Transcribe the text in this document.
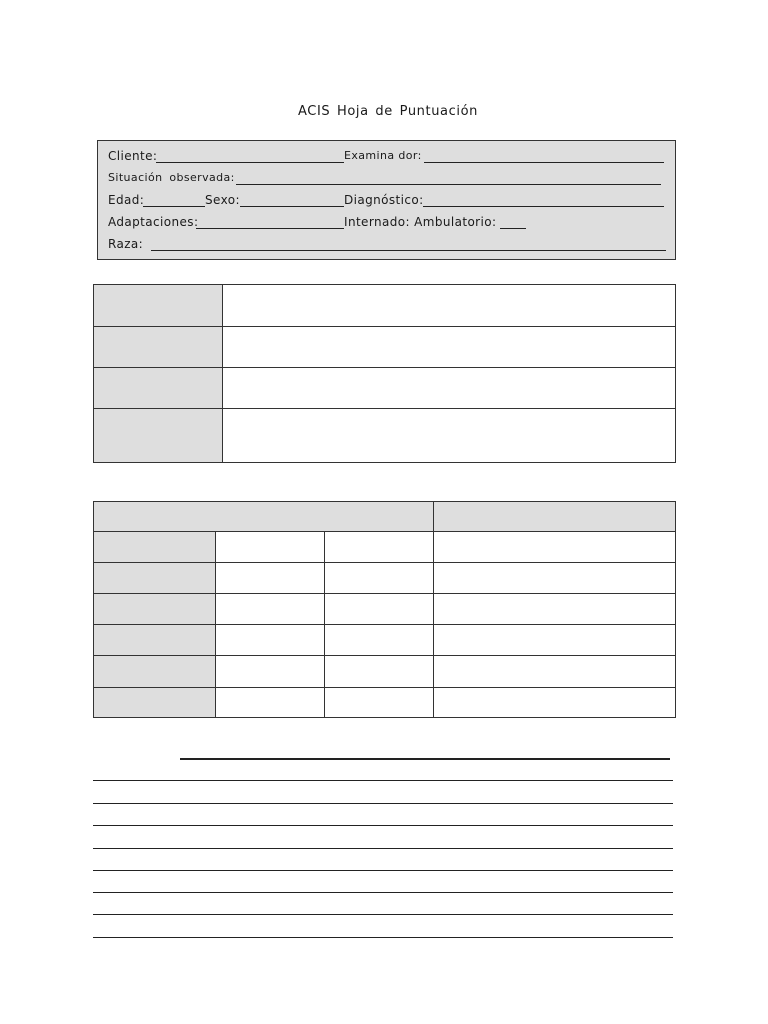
ACIS Hoja de Puntuación
Cliente:	Examina dor:
Situación observada:
Edad:	Sexo:	Diagnóstico:
Adaptaciones:	Internado: Ambulatorio:
Raza:
